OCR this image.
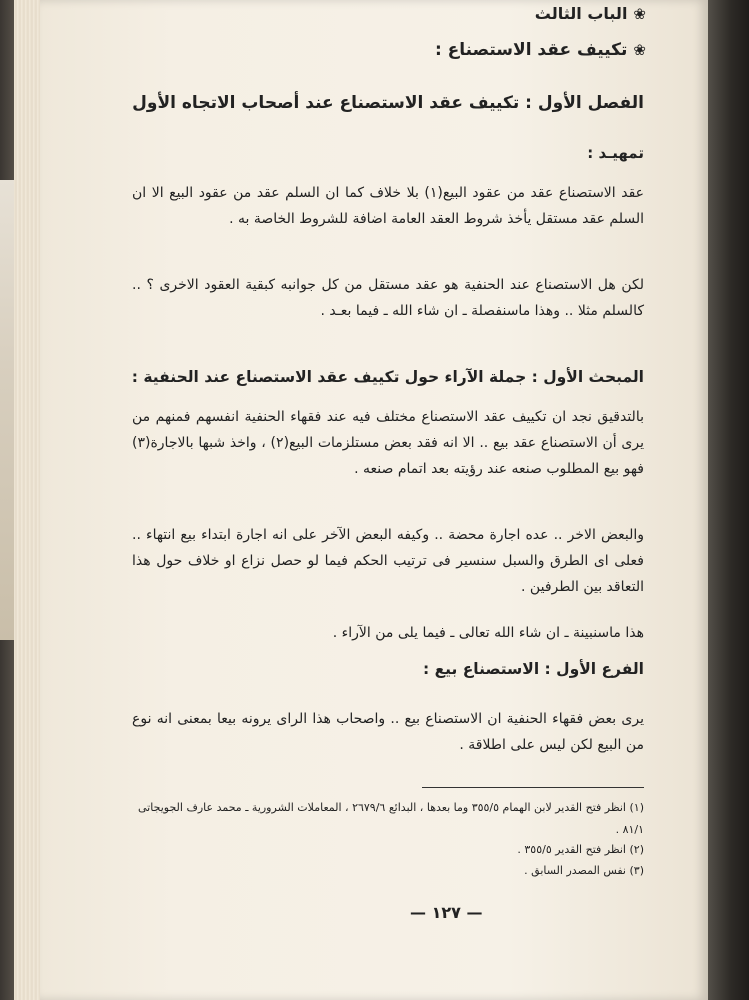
❀الباب الثالث
❀تكييف عقد الاستصناع :
الفصل الأول : تكييف عقد الاستصناع عند أصحاب الاتجاه الأول
تمهيـد :
عقد الاستصناع عقد من عقود البيع(١) بلا خلاف كما ان السلم عقد من عقود البيع الا ان السلم عقد مستقل يأخذ شروط العقد العامة اضافة للشروط الخاصة به .
لكن هل الاستصناع عند الحنفية هو عقد مستقل من كل جوانبه كبقية العقود الاخرى ؟ .. كالسلم مثلا .. وهذا ماسنفصلة ـ ان شاء الله ـ فيما بعـد .
المبحث الأول : جملة الآراء حول تكييف عقد الاستصناع عند الحنفية :
بالتدقيق نجد ان تكييف عقد الاستصناع مختلف فيه عند فقهاء الحنفية انفسهم فمنهم من يرى أن الاستصناع عقد بيع .. الا انه فقد بعض مستلزمات البيع(٢) ، واخذ شبها بالاجارة(٣) فهو بيع المطلوب صنعه عند رؤيته بعد اتمام صنعه .
والبعض الاخر .. عده اجارة محضة .. وكيفه البعض الآخر على انه اجارة ابتداء بيع انتهاء .. فعلى اى الطرق والسبل سنسير فى ترتيب الحكم فيما لو حصل نزاع او خلاف حول هذا التعاقد بين الطرفين .
هذا ماسنبينة ـ ان شاء الله تعالى ـ فيما يلى من الآراء .
الفرع الأول : الاستصناع بيع :
يرى بعض فقهاء الحنفية ان الاستصناع بيع .. واصحاب هذا الراى يرونه بيعا بمعنى انه نوع من البيع لكن ليس على اطلاقة .
(١) انظر فتح القدير لابن الهمام ٣٥٥/٥ وما بعدها ، البدائع ٢٦٧٩/٦ ، المعاملات الشرورية ـ محمد عارف الجويجاتى ٨١/١ .
(٢) انظر فتح القدير ٣٥٥/٥ .
(٣) نفس المصدر السابق .
— ١٢٧ —
